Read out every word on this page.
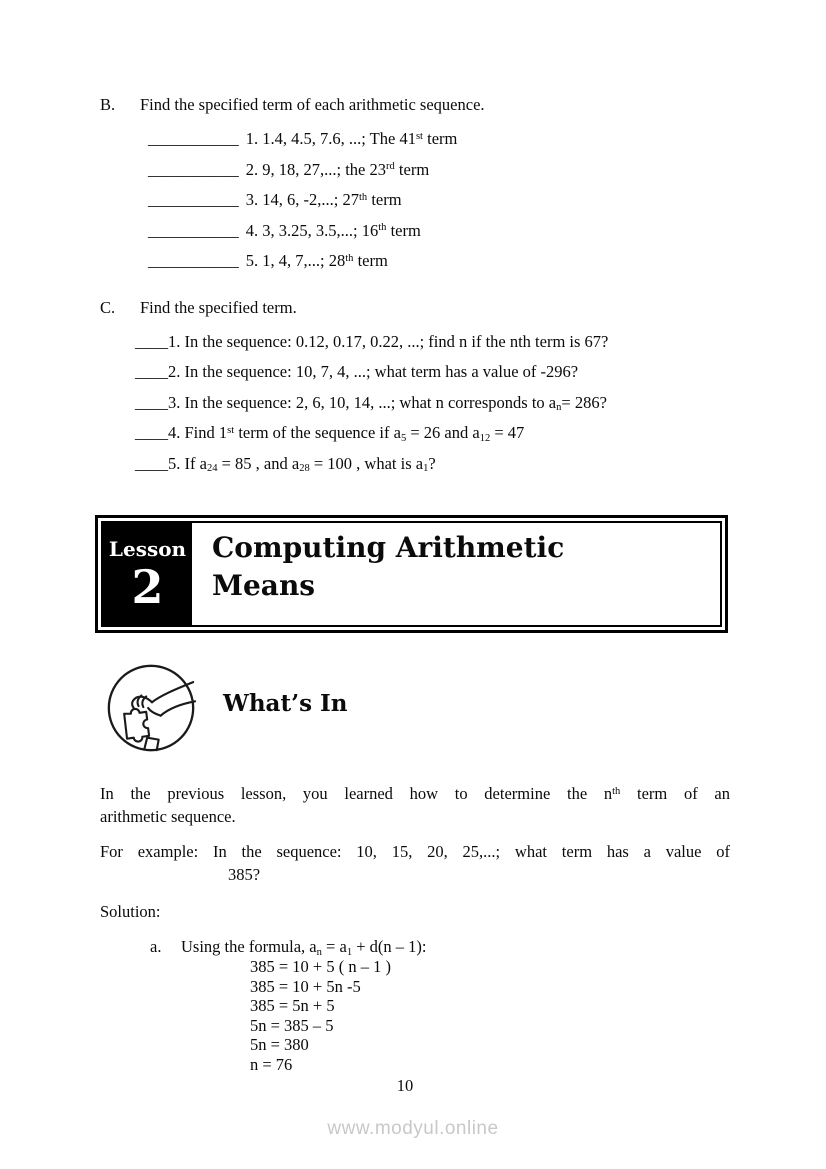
B.	Find the specified term of each arithmetic sequence.
___________ 1. 1.4, 4.5, 7.6, ...; The 41st term
___________ 2. 9, 18, 27,...; the 23rd term
___________ 3. 14, 6, -2,...; 27th term
___________ 4. 3, 3.25, 3.5,...; 16th term
___________ 5. 1, 4, 7,...; 28th term
C.	Find the specified term.
____1. In the sequence: 0.12, 0.17, 0.22, ...; find n if the nth term is 67?
____2. In the sequence: 10, 7, 4, ...; what term has a value of -296?
____3. In the sequence: 2, 6, 10, 14, ...; what n corresponds to $a_n= 286$?
____4. Find 1st term of the sequence if $a_5 = 26$ and $a_{12} = 47$
____5. If $a_{24} = 85$ , and $a_{28} = 100$ , what is $a_1$?
Lesson
2
Computing Arithmetic
Means
What’s In
In the previous lesson, you learned how to determine the $n^{th}$ term of an
arithmetic sequence.
For example: In the sequence: 10, 15, 20, 25,...; what term has a value of
385?
Solution:
a.	Using the formula, $a_n = a_1 + d(n - 1)$:
385 = 10 + 5 ( n – 1 )
385 = 10 + 5n -5
385 = 5n + 5
5n = 385 – 5
5n = 380
n = 76
10
www.modyul.online
